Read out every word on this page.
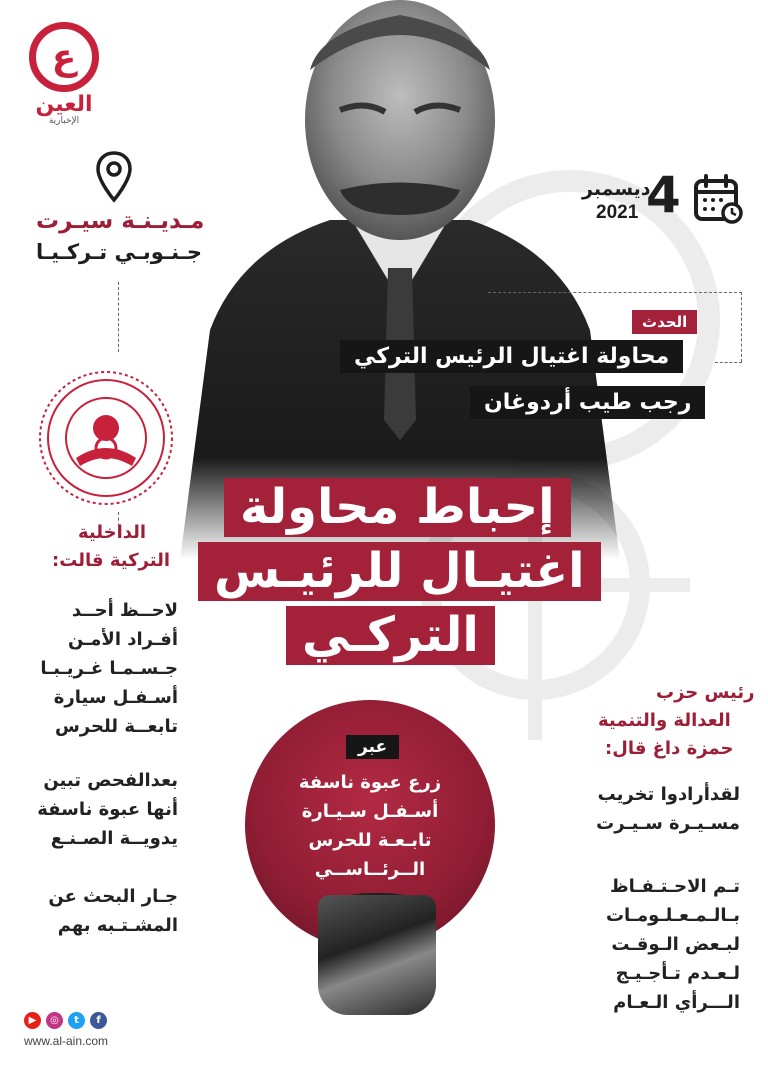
ع
العين
الإخبارية
4
ديسمبر
2021
مـديـنـة سيـرت
جـنـوبـي تـركـيـا
الحدث
محاولة اغتيال الرئيس التركي
رجب طيب أردوغان
الداخلية
التركية قالت:
لاحــظ أحــد
أفـراد الأمـن
جـسـمـا غـريـبـا
أسـفـل سيارة
تابعــة للحرس
بعدالفحص تبين
أنها عبوة ناسفة
يدويــة الصـنـع
جـار البحث عن
المشـتـبه بهم
إحباط محاولة
اغتيـال للرئيـس
التركـي
عبر
زرع عبوة ناسفة
أسـفـل سـيـارة
تابـعـة للحرس
الــرئــاســي
رئيس حزب
العدالة والتنمية
حمزة داغ قال:
لقدأرادوا تخريب
مسـيـرة سـيـرت
تـم الاحـتـفـاظ
بـالـمـعـلـومـات
لبـعض الـوقـت
لـعـدم تـأجـيـج
الـــرأي الـعـام
▶	◎	t	f
www.al-ain.com
